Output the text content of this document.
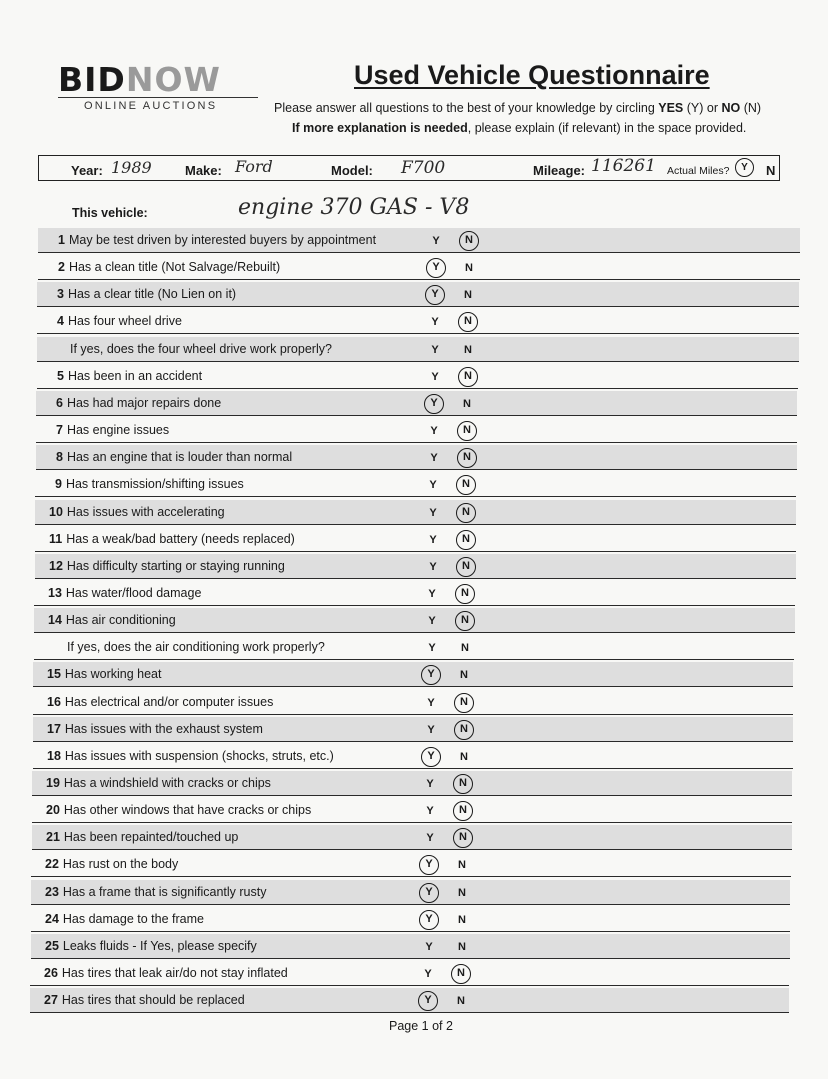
BIDNOW
ONLINE AUCTIONS
Used Vehicle Questionnaire
Please answer all questions to the best of your knowledge by circling YES (Y) or NO (N)
If more explanation is needed, please explain (if relevant) in the space provided.
Year: 1989	Make: Ford	Model: F700	Mileage: 116261 Actual Miles?	Y	N
This vehicle:	engine 370 GAS - V8
1 May be test driven by interested buyers by appointment	Y	N
2 Has a clean title (Not Salvage/Rebuilt)	Y	N
3 Has a clear title (No Lien on it)	Y	N
4 Has four wheel drive	Y	N
If yes, does the four wheel drive work properly?	Y	N
5 Has been in an accident	Y	N
6 Has had major repairs done	Y	N
7 Has engine issues	Y	N
8 Has an engine that is louder than normal	Y	N
9 Has transmission/shifting issues	Y	N
10 Has issues with accelerating	Y	N
11 Has a weak/bad battery (needs replaced)	Y	N
12 Has difficulty starting or staying running	Y	N
13 Has water/flood damage	Y	N
14 Has air conditioning	Y	N
If yes, does the air conditioning work properly?	Y	N
15 Has working heat	Y	N
16 Has electrical and/or computer issues	Y	N
17 Has issues with the exhaust system	Y	N
18 Has issues with suspension (shocks, struts, etc.)	Y	N
19 Has a windshield with cracks or chips	Y	N
20 Has other windows that have cracks or chips	Y	N
21 Has been repainted/touched up	Y	N
22 Has rust on the body	Y	N
23 Has a frame that is significantly rusty	Y	N
24 Has damage to the frame	Y	N
25 Leaks fluids - If Yes, please specify	Y	N
26 Has tires that leak air/do not stay inflated	Y	N
27 Has tires that should be replaced	Y	N
Page 1 of 2
